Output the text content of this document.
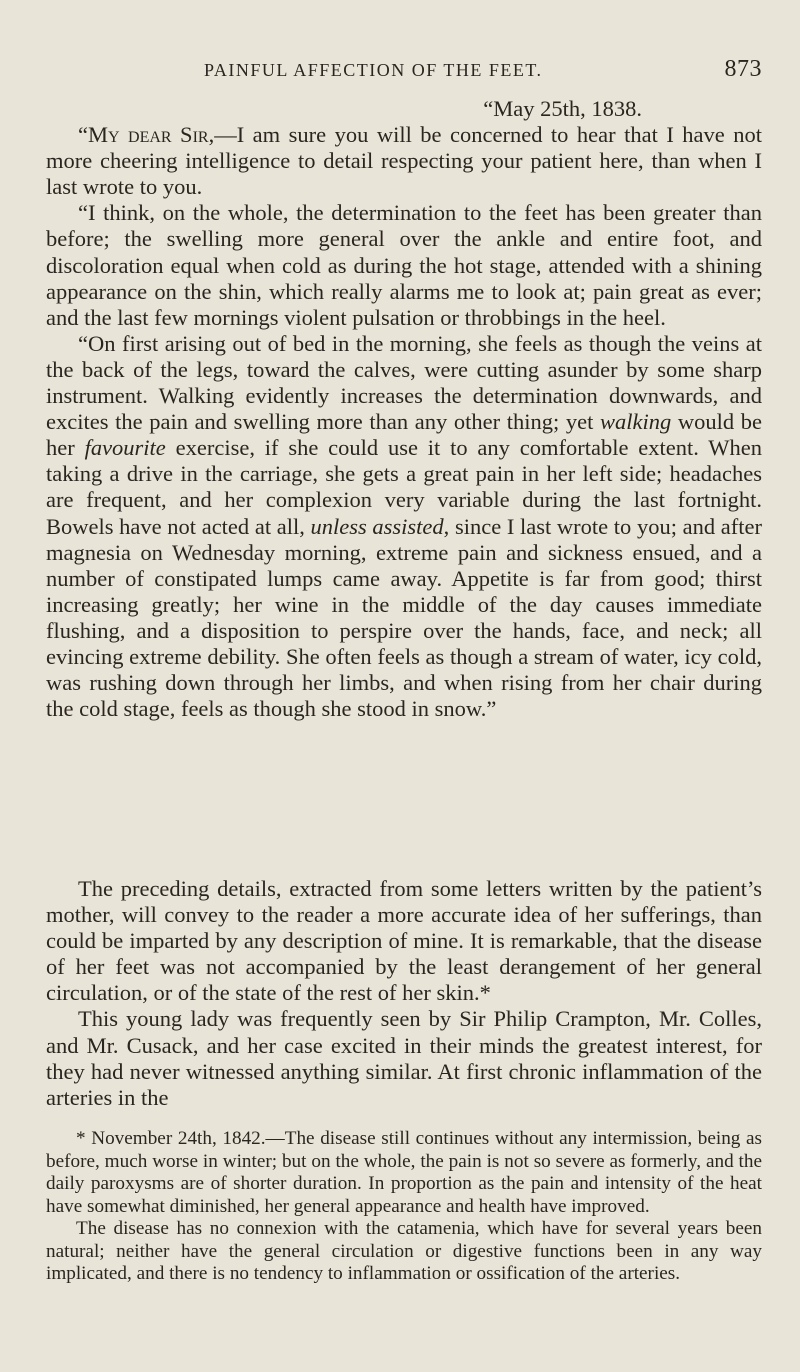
PAINFUL AFFECTION OF THE FEET.	873

“May 25th, 1838.

“My dear Sir,—I am sure you will be concerned to hear that I have not more cheering intelligence to detail respecting your patient here, than when I last wrote to you.

“I think, on the whole, the determination to the feet has been greater than before; the swelling more general over the ankle and entire foot, and discoloration equal when cold as during the hot stage, attended with a shining appearance on the shin, which really alarms me to look at; pain great as ever; and the last few mornings violent pulsation or throbbings in the heel.

“On first arising out of bed in the morning, she feels as though the veins at the back of the legs, toward the calves, were cutting asunder by some sharp instrument. Walking evidently increases the determination downwards, and excites the pain and swelling more than any other thing; yet walking would be her favourite exercise, if she could use it to any comfortable extent. When taking a drive in the carriage, she gets a great pain in her left side; headaches are frequent, and her complexion very variable during the last fortnight. Bowels have not acted at all, unless assisted, since I last wrote to you; and after magnesia on Wednesday morning, extreme pain and sickness ensued, and a number of constipated lumps came away. Appetite is far from good; thirst increasing greatly; her wine in the middle of the day causes immediate flushing, and a disposition to perspire over the hands, face, and neck; all evincing extreme debility. She often feels as though a stream of water, icy cold, was rushing down through her limbs, and when rising from her chair during the cold stage, feels as though she stood in snow.”

The preceding details, extracted from some letters written by the patient’s mother, will convey to the reader a more accurate idea of her sufferings, than could be imparted by any description of mine. It is remarkable, that the disease of her feet was not accompanied by the least derangement of her general circulation, or of the state of the rest of her skin.*

This young lady was frequently seen by Sir Philip Crampton, Mr. Colles, and Mr. Cusack, and her case excited in their minds the greatest interest, for they had never witnessed anything similar. At first chronic inflammation of the arteries in the

* November 24th, 1842.—The disease still continues without any intermission, being as before, much worse in winter; but on the whole, the pain is not so severe as formerly, and the daily paroxysms are of shorter duration. In proportion as the pain and intensity of the heat have somewhat diminished, her general appearance and health have improved.

The disease has no connexion with the catamenia, which have for several years been natural; neither have the general circulation or digestive functions been in any way implicated, and there is no tendency to inflammation or ossification of the arteries.
